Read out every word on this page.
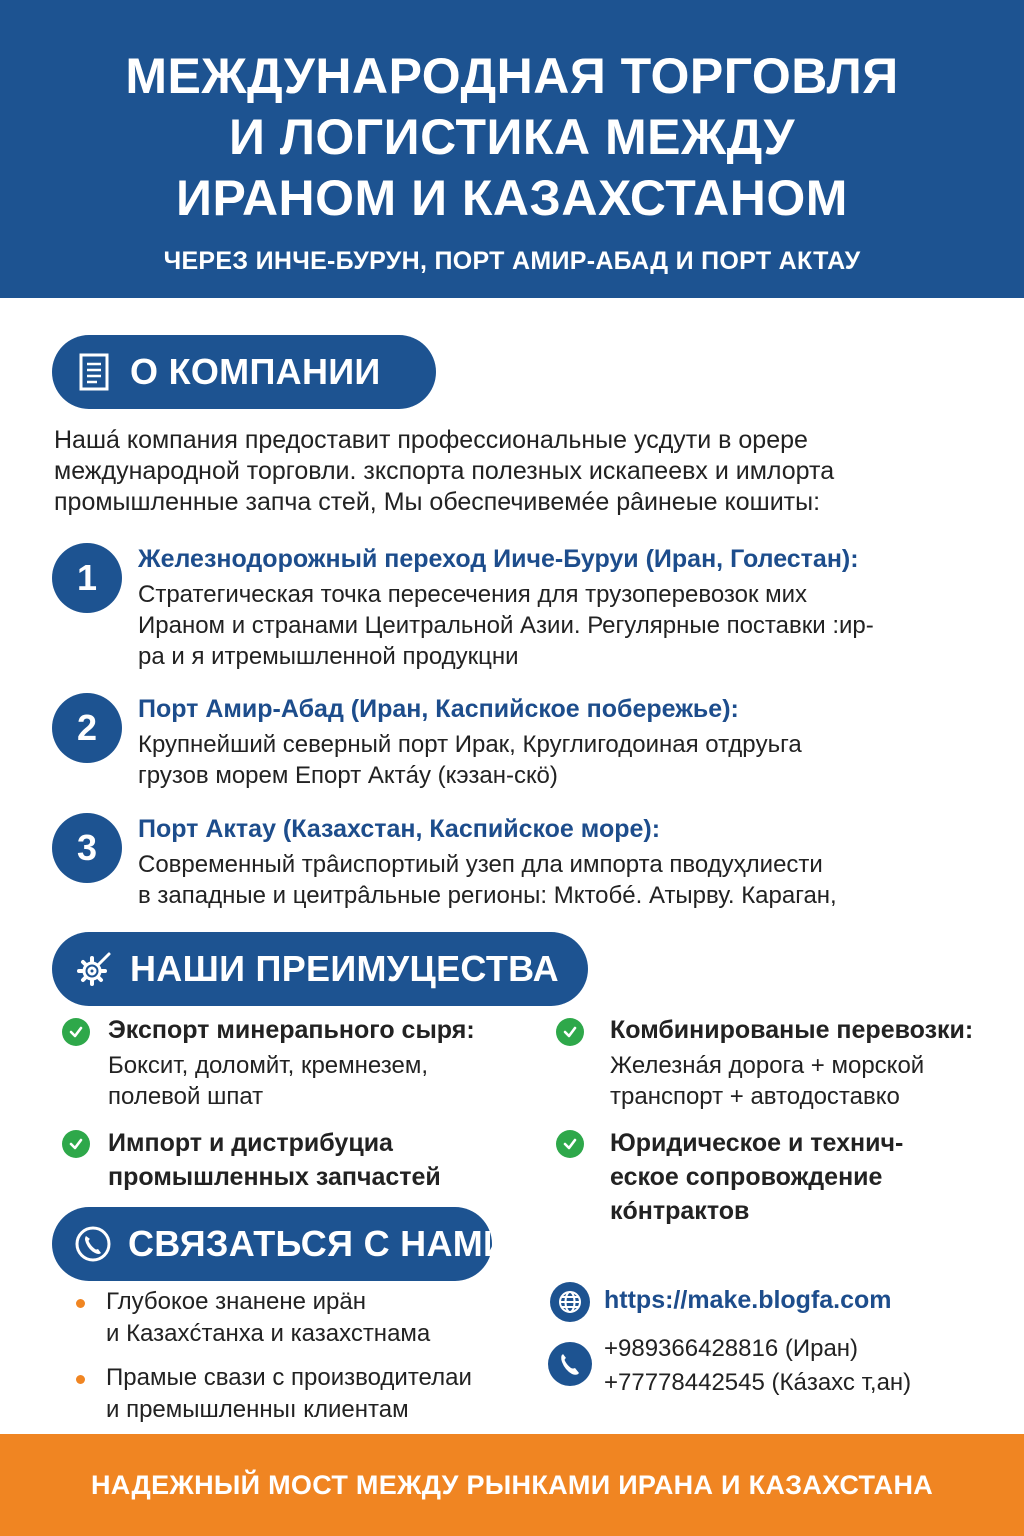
МЕЖДУНАРОДНАЯ ТОРГОВЛЯ
И ЛОГИСТИКА МЕЖДУ
ИРАНОМ И КАЗАХСТАНОМ
ЧЕРЕЗ ИНЧЕ-БУРУН, ПОРТ АМИР-АБАД И ПОРТ АКТАУ
О КОМПАНИИ
Нашá компания предоставит профессиональные усдути в орере
международной торговли. зкспорта полезных искапеевх и имлорта
промышленные запча стей, Мы обеспечивемéе рâинеые кошиты:
1	Железнодорожный переход Ииче-Буруи (Иран, Голестан):
Стратегическая точка пересечения для трузоперевозок мих
Ираном и странами Цеитральной Азии. Регулярные поставки :ир-
ра и я итремышленной продукцни
2	Порт Амир-Абад (Иран, Каспийское побережье):
Крупнейший северный порт Ирак, Круглигодоиная отдрyьга
грузов морем Епорт Актáу (кэзан-скö)
3	Порт Актау (Казахстан, Каспийское море):
Современный трâиспортиый узеп дла импорта пводуҳлиести
в западные и цеитрâльные регионы: Мктобé. Атырву. Караган,
НАШИ ПРЕИМУЦЕСТВА
Экспорт минерапьного сыря:
Боксит, доломйт, кремнезем,
полевой шпат
Комбинированые перевозки:
Железнáя дорога + морской
транспорт + автодоставко
Импорт и дистрибуциа
промышленных запчастей
Юридическое и технич-
еское сопровождение
кóнтрактов
СВЯЗАТЬСЯ С НАМИ
Глубокое знанене ирäн
и Казахćтанха и казахстнама
Прамые свази с производителаи
и премышленныı клиентам
https://make.blogfa.com
+989366428816 (Иран)
+77778442545 (Кáзахс т,ан)
НАДЕЖНЫЙ МОСТ МЕЖДУ РЫНКАМИ ИРАНА И КАЗАХСТАНА
